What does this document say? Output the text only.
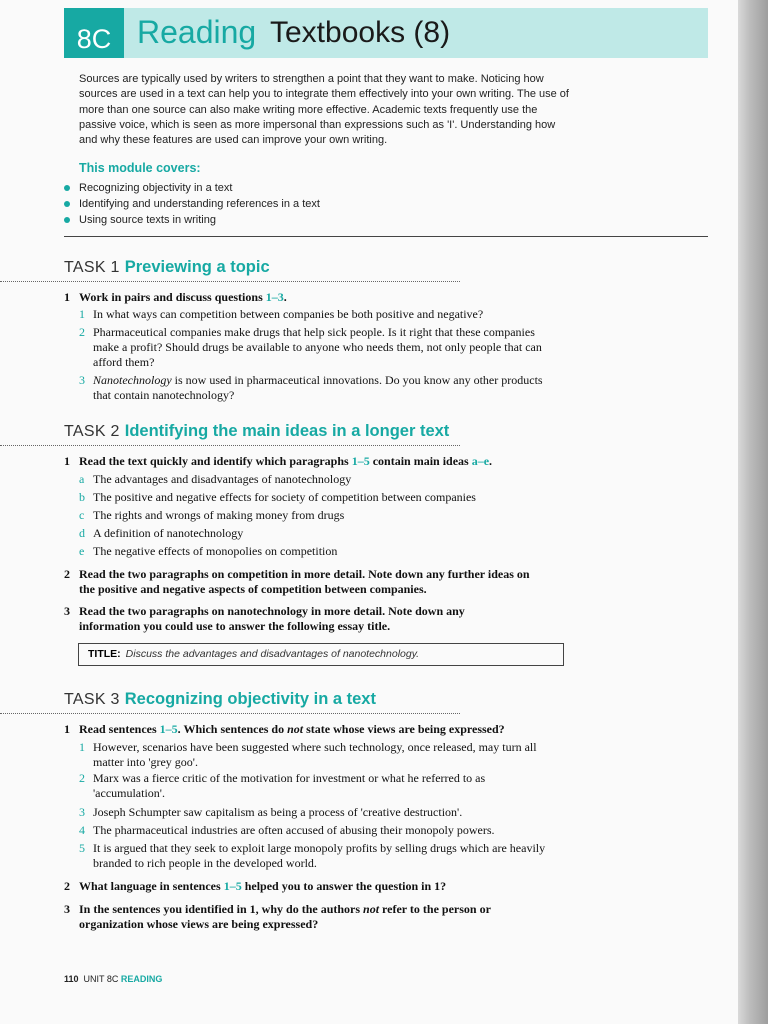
8C Reading Textbooks (8)
Sources are typically used by writers to strengthen a point that they want to make. Noticing how sources are used in a text can help you to integrate them effectively into your own writing. The use of more than one source can also make writing more effective. Academic texts frequently use the passive voice, which is seen as more impersonal than expressions such as 'I'. Understanding how and why these features are used can improve your own writing.
This module covers:
Recognizing objectivity in a text
Identifying and understanding references in a text
Using source texts in writing
TASK 1 Previewing a topic
1 Work in pairs and discuss questions 1–3.
1 In what ways can competition between companies be both positive and negative?
2 Pharmaceutical companies make drugs that help sick people. Is it right that these companies make a profit? Should drugs be available to anyone who needs them, not only people that can afford them?
3 Nanotechnology is now used in pharmaceutical innovations. Do you know any other products that contain nanotechnology?
TASK 2 Identifying the main ideas in a longer text
1 Read the text quickly and identify which paragraphs 1–5 contain main ideas a–e.
a The advantages and disadvantages of nanotechnology
b The positive and negative effects for society of competition between companies
c The rights and wrongs of making money from drugs
d A definition of nanotechnology
e The negative effects of monopolies on competition
2 Read the two paragraphs on competition in more detail. Note down any further ideas on the positive and negative aspects of competition between companies.
3 Read the two paragraphs on nanotechnology in more detail. Note down any information you could use to answer the following essay title.
TITLE: Discuss the advantages and disadvantages of nanotechnology.
TASK 3 Recognizing objectivity in a text
1 Read sentences 1–5. Which sentences do not state whose views are being expressed?
1 However, scenarios have been suggested where such technology, once released, may turn all matter into 'grey goo'.
2 Marx was a fierce critic of the motivation for investment or what he referred to as 'accumulation'.
3 Joseph Schumpter saw capitalism as being a process of 'creative destruction'.
4 The pharmaceutical industries are often accused of abusing their monopoly powers.
5 It is argued that they seek to exploit large monopoly profits by selling drugs which are heavily branded to rich people in the developed world.
2 What language in sentences 1–5 helped you to answer the question in 1?
3 In the sentences you identified in 1, why do the authors not refer to the person or organization whose views are being expressed?
110 UNIT 8C READING
